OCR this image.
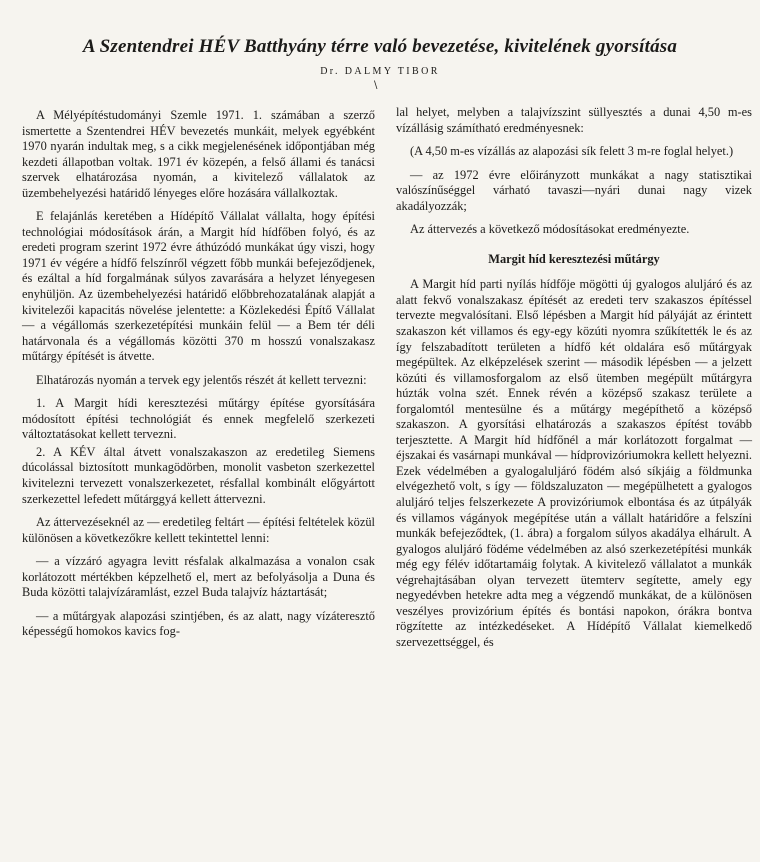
A Szentendrei HÉV Batthyány térre való bevezetése, kivitelének gyorsítása
Dr. DALMY TIBOR
\

A Mélyépítéstudományi Szemle 1971. 1. számában a szerző ismertette a Szentendrei HÉV bevezetés munkáit, melyek egyébként 1970 nyarán indultak meg, s a cikk megjelenésének időpontjában még kezdeti állapotban voltak. 1971 év közepén, a felső állami és tanácsi szervek elhatározása nyomán, a kivitelező vállalatok az üzembehelyezési határidő lényeges előre hozására vállalkoztak.

E felajánlás keretében a Hídépítő Vállalat vállalta, hogy építési technológiai módosítások árán, a Margit híd hídfőben folyó, és az eredeti program szerint 1972 évre áthúzódó munkákat úgy viszi, hogy 1971 év végére a hídfő felszínről végzett főbb munkái befejeződjenek, és ezáltal a híd forgalmának súlyos zavarására a helyzet lényegesen enyhüljön. Az üzembehelyezési határidő előbbrehozatalának alapját a kivitelezői kapacitás növelése jelentette: a Közlekedési Építő Vállalat — a végállomás szerkezetépítési munkáin felül — a Bem tér déli határvonala és a végállomás közötti 370 m hosszú vonalszakasz műtárgy építését is átvette.

Elhatározás nyomán a tervek egy jelentős részét át kellett tervezni:

1. A Margit hídi keresztezési műtárgy építése gyorsítására módosított építési technológiát és ennek megfelelő szerkezeti változtatásokat kellett tervezni.

2. A KÉV által átvett vonalszakaszon az eredetileg Siemens dúcolással biztosított munkagödörben, monolit vasbeton szerkezettel kivitelezni tervezett vonalszerkezetet, résfallal kombinált előgyártott szerkezettel lefedett műtárggyá kellett áttervezni.

Az áttervezéseknél az — eredetileg feltárt — építési feltételek közül különösen a következőkre kellett tekintettel lenni:

— a vízzáró agyagra levitt résfalak alkalmazása a vonalon csak korlátozott mértékben képzelhető el, mert az befolyásolja a Duna és Buda közötti talajvízáramlást, ezzel Buda talajvíz háztartását;

— a műtárgyak alapozási szintjében, és az alatt, nagy vízáteresztő képességű homokos kavics fog-

lal helyet, melyben a talajvízszint süllyesztés a dunai 4,50 m-es vízállásig számítható eredményesnek:

(A 4,50 m-es vízállás az alapozási sík felett 3 m-re foglal helyet.)

— az 1972 évre előirányzott munkákat a nagy statisztikai valószínűséggel várható tavaszi—nyári dunai nagy vizek akadályozzák;

Az áttervezés a következő módosításokat eredményezte.

Margit híd keresztezési műtárgy

A Margit híd parti nyílás hídfője mögötti új gyalogos aluljáró és az alatt fekvő vonalszakasz építését az eredeti terv szakaszos építéssel tervezte megvalósítani. Első lépésben a Margit híd pályáját az érintett szakaszon két villamos és egy-egy közúti nyomra szűkítették le és az így felszabadított területen a hídfő két oldalára eső műtárgyak megépültek. Az elképzelések szerint — második lépésben — a jelzett közúti és villamosforgalom az első ütemben megépült műtárgyra húzták volna szét. Ennek révén a középső szakasz területe a forgalomtól mentesülne és a műtárgy megépíthető a középső szakaszon. A gyorsítási elhatározás a szakaszos építést tovább terjesztette. A Margit híd hídfőnél a már korlátozott forgalmat — éjszakai és vasárnapi munkával — hídprovizóriumokra kellett helyezni. Ezek védelmében a gyalogaluljáró födém alsó síkjáig a földmunka elvégezhető volt, s így — földszaluzaton — megépülhetett a gyalogos aluljáró teljes felszerkezete A provizóriumok elbontása és az útpályák és villamos vágányok megépítése után a vállalt határidőre a felszíni munkák befejeződtek, (1. ábra) a forgalom súlyos akadálya elhárult. A gyalogos aluljáró födéme védelmében az alsó szerkezetépítési munkák még egy félév időtartamáig folytak. A kivitelező vállalatot a munkák végrehajtásában olyan tervezett ütemterv segítette, amely egy negyedévben hetekre adta meg a végzendő munkákat, de a különösen veszélyes provizórium építés és bontási napokon, órákra bontva rögzítette az intézkedéseket. A Hídépítő Vállalat kiemelkedő szervezettséggel, és
